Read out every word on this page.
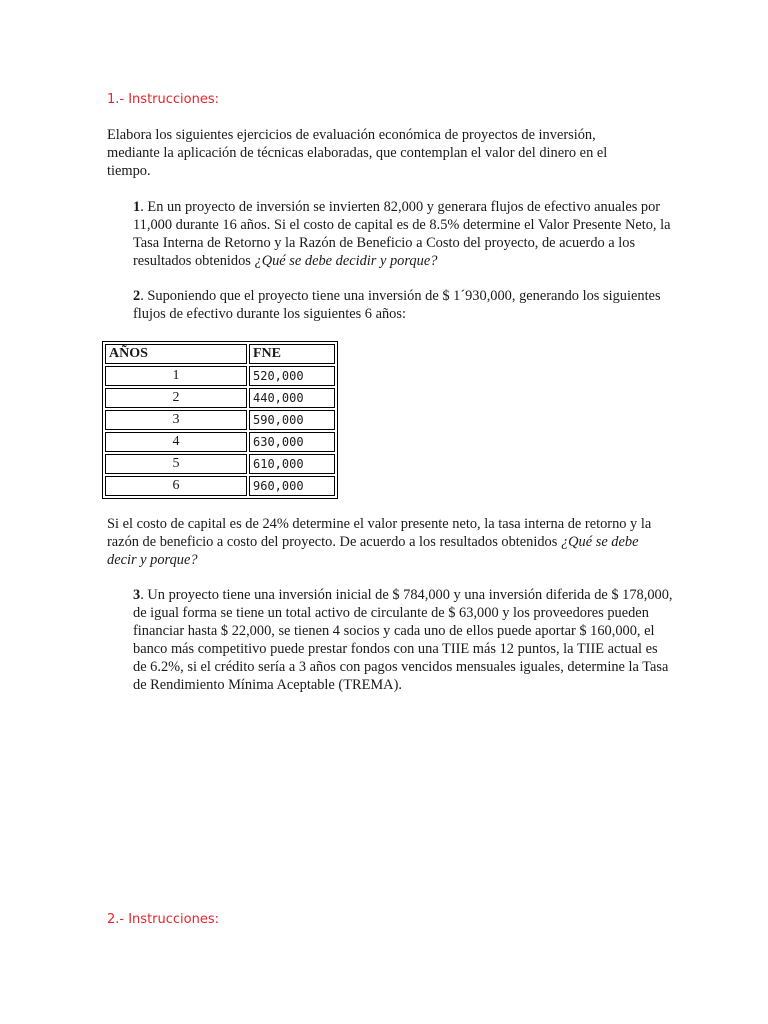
1.- Instrucciones:

Elabora los siguientes ejercicios de evaluación económica de proyectos de inversión, mediante la aplicación de técnicas elaboradas, que contemplan el valor del dinero en el tiempo.

1. En un proyecto de inversión se invierten 82,000 y generara flujos de efectivo anuales por 11,000 durante 16 años. Si el costo de capital es de 8.5% determine el Valor Presente Neto, la Tasa Interna de Retorno y la Razón de Beneficio a Costo del proyecto, de acuerdo a los resultados obtenidos ¿Qué se debe decidir y porque?

2. Suponiendo que el proyecto tiene una inversión de $ 1´930,000, generando los siguientes flujos de efectivo durante los siguientes 6 años:

AÑOS	FNE
1	520,000
2	440,000
3	590,000
4	630,000
5	610,000
6	960,000

Si el costo de capital es de 24% determine el valor presente neto, la tasa interna de retorno y la razón de beneficio a costo del proyecto. De acuerdo a los resultados obtenidos ¿Qué se debe decir y porque?

3. Un proyecto tiene una inversión inicial de $ 784,000 y una inversión diferida de $ 178,000, de igual forma se tiene un total activo de circulante de $ 63,000 y los proveedores pueden financiar hasta $ 22,000, se tienen 4 socios y cada uno de ellos puede aportar $ 160,000, el banco más competitivo puede prestar fondos con una TIIE más 12 puntos, la TIIE actual es de 6.2%, si el crédito sería a 3 años con pagos vencidos mensuales iguales, determine la Tasa de Rendimiento Mínima Aceptable (TREMA).

2.- Instrucciones:
